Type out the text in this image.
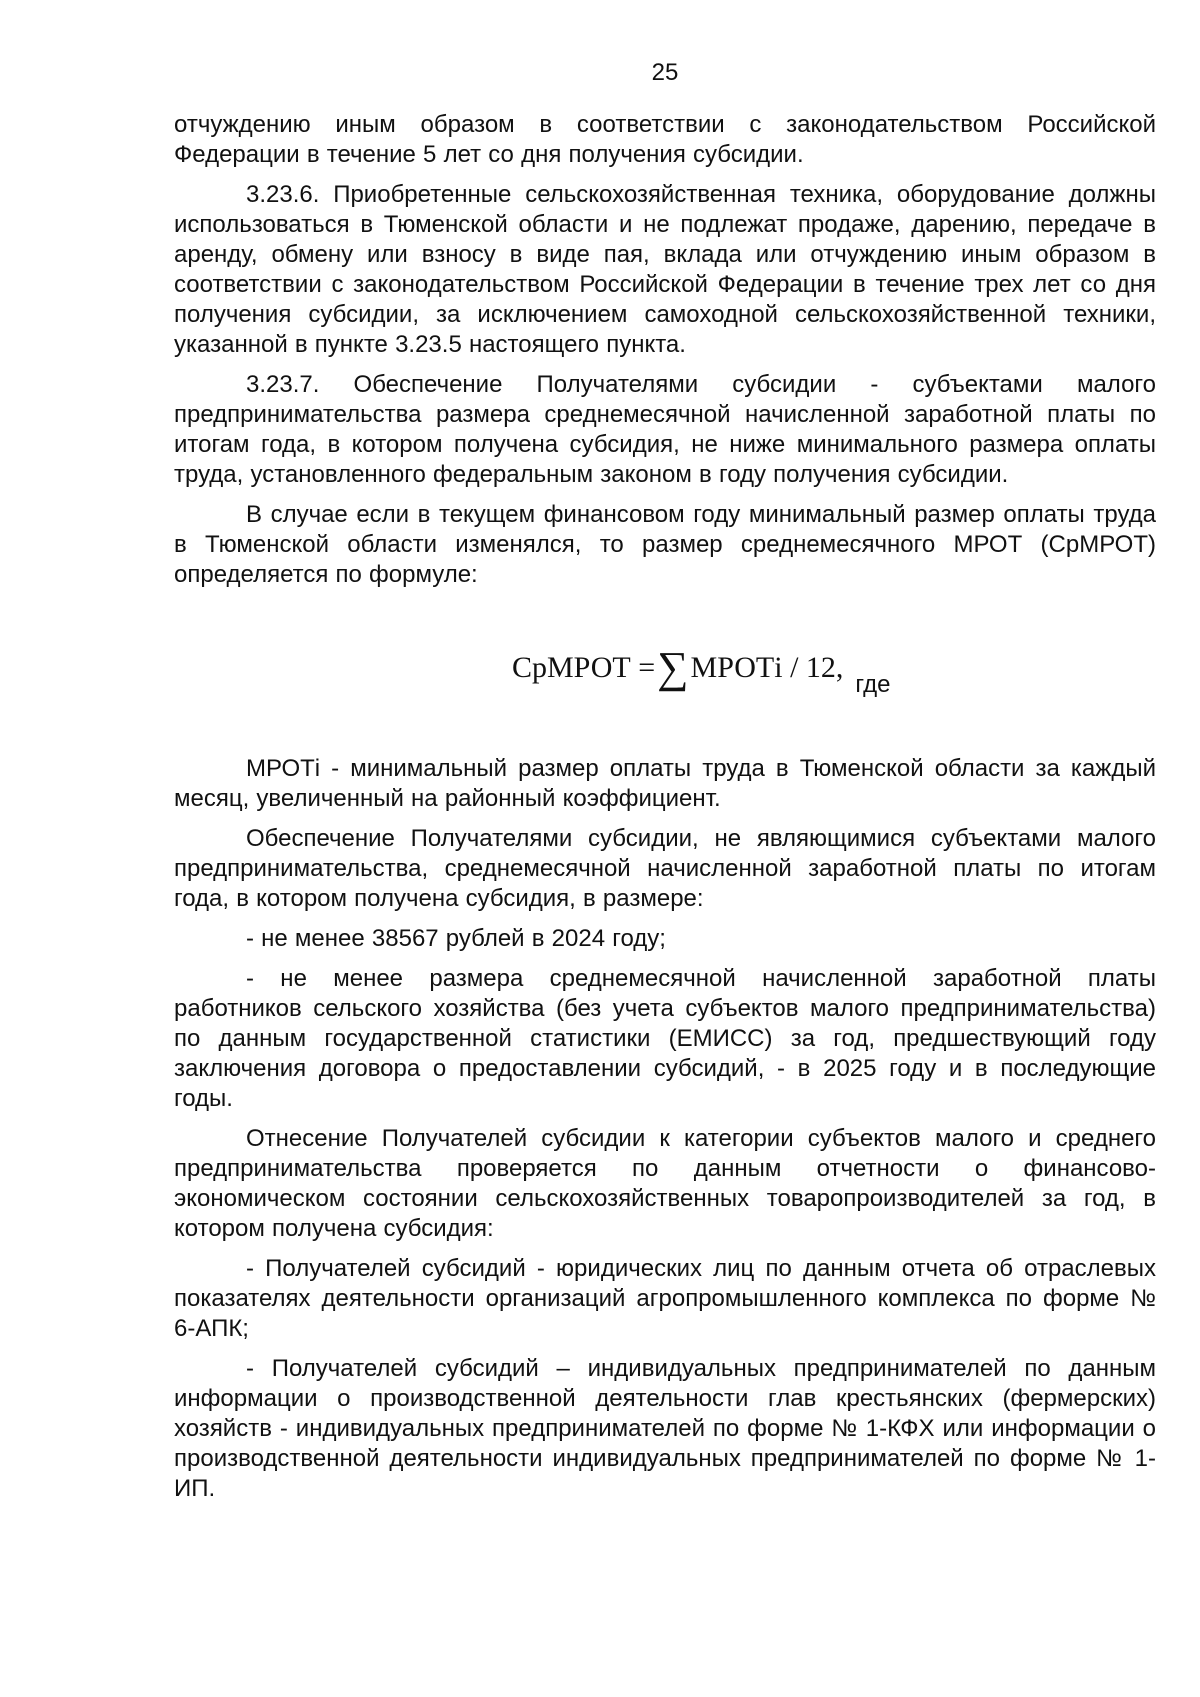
25

отчуждению иным образом в соответствии с законодательством Российской Федерации в течение 5 лет со дня получения субсидии.

3.23.6. Приобретенные сельскохозяйственная техника, оборудование должны использоваться в Тюменской области и не подлежат продаже, дарению, передаче в аренду, обмену или взносу в виде пая, вклада или отчуждению иным образом в соответствии с законодательством Российской Федерации в течение трех лет со дня получения субсидии, за исключением самоходной сельскохозяйственной техники, указанной в пункте 3.23.5 настоящего пункта.

3.23.7. Обеспечение Получателями субсидии - субъектами малого предпринимательства размера среднемесячной начисленной заработной платы по итогам года, в котором получена субсидия, не ниже минимального размера оплаты труда, установленного федеральным законом в году получения субсидии.

В случае если в текущем финансовом году минимальный размер оплаты труда в Тюменской области изменялся, то размер среднемесячного МРОТ (СрМРОТ) определяется по формуле:

СрМРОТ =∑МРОТi / 12,где

МРОТi - минимальный размер оплаты труда в Тюменской области за каждый месяц, увеличенный на районный коэффициент.

Обеспечение Получателями субсидии, не являющимися субъектами малого предпринимательства, среднемесячной начисленной заработной платы по итогам года, в котором получена субсидия, в размере:

- не менее 38567 рублей в 2024 году;

- не менее размера среднемесячной начисленной заработной платы работников сельского хозяйства (без учета субъектов малого предпринимательства) по данным государственной статистики (ЕМИСС) за год, предшествующий году заключения договора о предоставлении субсидий, - в 2025 году и в последующие годы.

Отнесение Получателей субсидии к категории субъектов малого и среднего предпринимательства проверяется по данным отчетности о финансово-экономическом состоянии сельскохозяйственных товаропроизводителей за год, в котором получена субсидия:

- Получателей субсидий - юридических лиц по данным отчета об отраслевых показателях деятельности организаций агропромышленного комплекса по форме № 6-АПК;

- Получателей субсидий – индивидуальных предпринимателей по данным информации о производственной деятельности глав крестьянских (фермерских) хозяйств - индивидуальных предпринимателей по форме № 1-КФХ или информации о производственной деятельности индивидуальных предпринимателей по форме № 1-ИП.
